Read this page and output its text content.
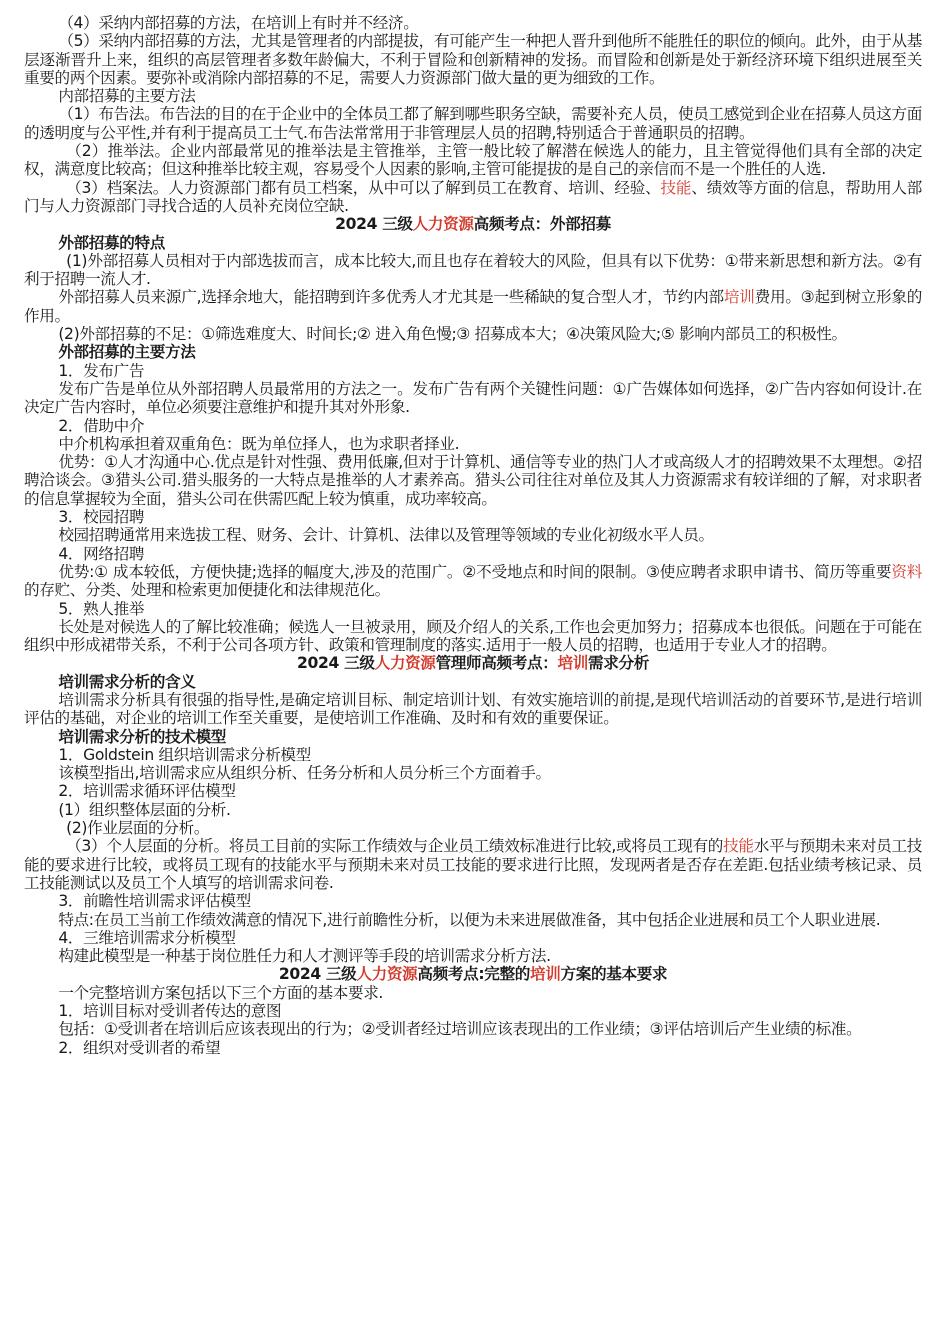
（4）采纳内部招募的方法，在培训上有时并不经济。
（5）采纳内部招募的方法，尤其是管理者的内部提拔，有可能产生一种把人晋升到他所不能胜任的职位的倾向。此外，由于从基层逐渐晋升上来，组织的高层管理者多数年龄偏大，不利于冒险和创新精神的发扬。而冒险和创新是处于新经济环境下组织进展至关重要的两个因素。要弥补或消除内部招募的不足，需要人力资源部门做大量的更为细致的工作。
内部招募的主要方法
（1）布告法。布告法的目的在于企业中的全体员工都了解到哪些职务空缺，需要补充人员，使员工感觉到企业在招募人员这方面的透明度与公平性,并有利于提高员工士气.布告法常常用于非管理层人员的招聘,特别适合于普通职员的招聘。
（2）推举法。企业内部最常见的推举法是主管推举，主管一般比较了解潜在候选人的能力，且主管觉得他们具有全部的决定权，满意度比较高；但这种推举比较主观，容易受个人因素的影响,主管可能提拔的是自己的亲信而不是一个胜任的人选.
（3）档案法。人力资源部门都有员工档案，从中可以了解到员工在教育、培训、经验、技能、绩效等方面的信息，帮助用人部门与人力资源部门寻找合适的人员补充岗位空缺.
2024 三级人力资源高频考点：外部招募
外部招募的特点
(1)外部招募人员相对于内部选拔而言，成本比较大,而且也存在着较大的风险，但具有以下优势：①带来新思想和新方法。②有利于招聘一流人才.
外部招募人员来源广,选择余地大，能招聘到许多优秀人才尤其是一些稀缺的复合型人才，节约内部培训费用。③起到树立形象的作用。
(2)外部招募的不足：①筛选难度大、时间长;② 进入角色慢;③ 招募成本大；④决策风险大;⑤ 影响内部员工的积极性。
外部招募的主要方法
1．发布广告
发布广告是单位从外部招聘人员最常用的方法之一。发布广告有两个关键性问题：①广告媒体如何选择，②广告内容如何设计.在决定广告内容时，单位必须要注意维护和提升其对外形象.
2．借助中介
中介机构承担着双重角色：既为单位择人，也为求职者择业.
优势：①人才沟通中心.优点是针对性强、费用低廉,但对于计算机、通信等专业的热门人才或高级人才的招聘效果不太理想。②招聘洽谈会。③猎头公司.猎头服务的一大特点是推举的人才素养高。猎头公司往往对单位及其人力资源需求有较详细的了解，对求职者的信息掌握较为全面，猎头公司在供需匹配上较为慎重，成功率较高。
3．校园招聘
校园招聘通常用来选拔工程、财务、会计、计算机、法律以及管理等领域的专业化初级水平人员。
4．网络招聘
优势:① 成本较低，方便快捷;选择的幅度大,涉及的范围广。②不受地点和时间的限制。③使应聘者求职申请书、简历等重要资料的存贮、分类、处理和检索更加便捷化和法律规范化。
5．熟人推举
长处是对候选人的了解比较准确；候选人一旦被录用，顾及介绍人的关系,工作也会更加努力；招募成本也很低。问题在于可能在组织中形成裙带关系，不利于公司各项方针、政策和管理制度的落实.适用于一般人员的招聘，也适用于专业人才的招聘。
2024 三级人力资源管理师高频考点：培训需求分析
培训需求分析的含义
培训需求分析具有很强的指导性,是确定培训目标、制定培训计划、有效实施培训的前提,是现代培训活动的首要环节,是进行培训评估的基础，对企业的培训工作至关重要，是使培训工作准确、及时和有效的重要保证。
培训需求分析的技术模型
1．Goldstein 组织培训需求分析模型
该模型指出,培训需求应从组织分析、任务分析和人员分析三个方面着手。
2．培训需求循环评估模型
(1）组织整体层面的分析.
(2)作业层面的分析。
（3）个人层面的分析。将员工目前的实际工作绩效与企业员工绩效标准进行比较,或将员工现有的技能水平与预期未来对员工技能的要求进行比较，或将员工现有的技能水平与预期未来对员工技能的要求进行比照，发现两者是否存在差距.包括业绩考核记录、员工技能测试以及员工个人填写的培训需求问卷.
3．前瞻性培训需求评估模型
特点:在员工当前工作绩效满意的情况下,进行前瞻性分析，以便为未来进展做准备，其中包括企业进展和员工个人职业进展.
4．三维培训需求分析模型
构建此模型是一种基于岗位胜任力和人才测评等手段的培训需求分析方法.
2024 三级人力资源高频考点:完整的培训方案的基本要求
一个完整培训方案包括以下三个方面的基本要求.
1．培训目标对受训者传达的意图
包括：①受训者在培训后应该表现出的行为；②受训者经过培训应该表现出的工作业绩；③评估培训后产生业绩的标准。
2．组织对受训者的希望
